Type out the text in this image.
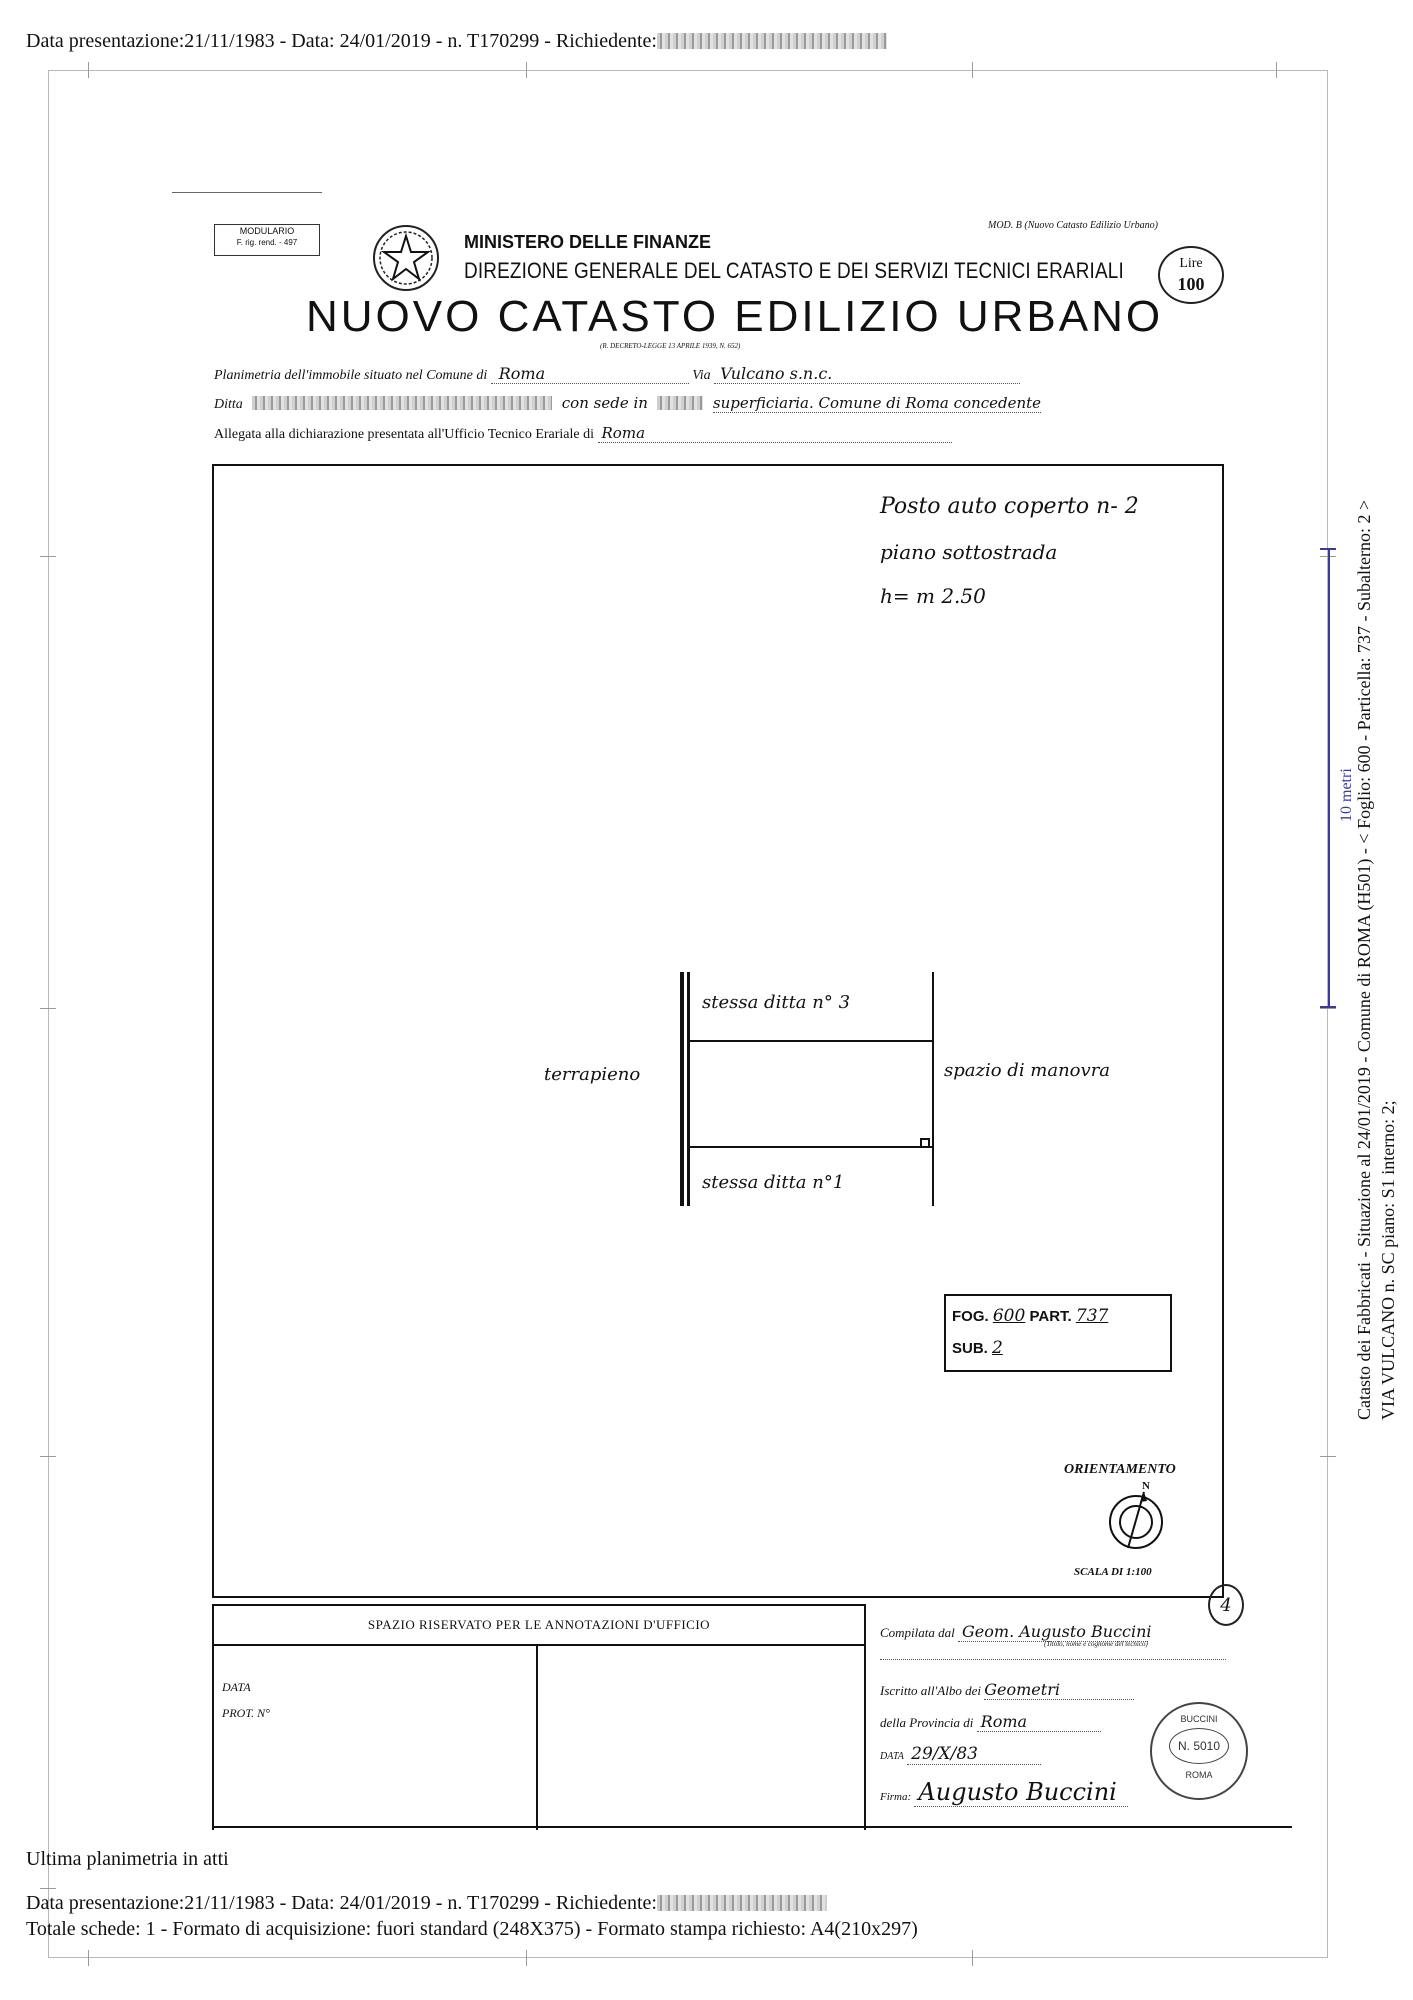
Data presentazione:21/11/1983 - Data: 24/01/2019 - n. T170299 - Richiedente:
MODULARIO
F. rig. rend. - 497	MINISTERO DELLE FINANZE
DIREZIONE GENERALE DEL CATASTO E DEI SERVIZI TECNICI ERARIALI
MOD. B (Nuovo Catasto Edilizio Urbano)
Lire
100
NUOVO CATASTO EDILIZIO URBANO
(R. DECRETO-LEGGE 13 APRILE 1939, N. 652)
Planimetria dell'immobile situato nel Comune di Roma	Via Vulcano s.n.c.
Ditta	con sede in	superficiaria. Comune di Roma concedente
Allegata alla dichiarazione presentata all'Ufficio Tecnico Erariale di Roma
Posto auto coperto n- 2
piano sottostrada
h= m 2.50
stessa ditta n° 3
stessa ditta n°1
terrapieno	spazio di manovra
FOG. 600 PART. 737
SUB. 2
ORIENTAMENTO
N
SCALA DI 1:100
SPAZIO RISERVATO PER LE ANNOTAZIONI D'UFFICIO
DATA
PROT. N°
Compilata dal Geom. Augusto Buccini
(Titolo, nome e cognome del tecnico)
Iscritto all'Albo dei Geometri
della Provincia di Roma
DATA 29/X/83
Firma: Augusto Buccini
4
BUCCINI
N. 5010
ROMA
10 metri Catasto dei Fabbricati - Situazione al 24/01/2019 - Comune di ROMA (H501) - < Foglio: 600 - Particella: 737 - Subalterno: 2 > VIA VULCANO n. SC piano: S1 interno: 2;
Ultima planimetria in atti
Data presentazione:21/11/1983 - Data: 24/01/2019 - n. T170299 - Richiedente:
Totale schede: 1 - Formato di acquisizione: fuori standard (248X375) - Formato stampa richiesto: A4(210x297)
